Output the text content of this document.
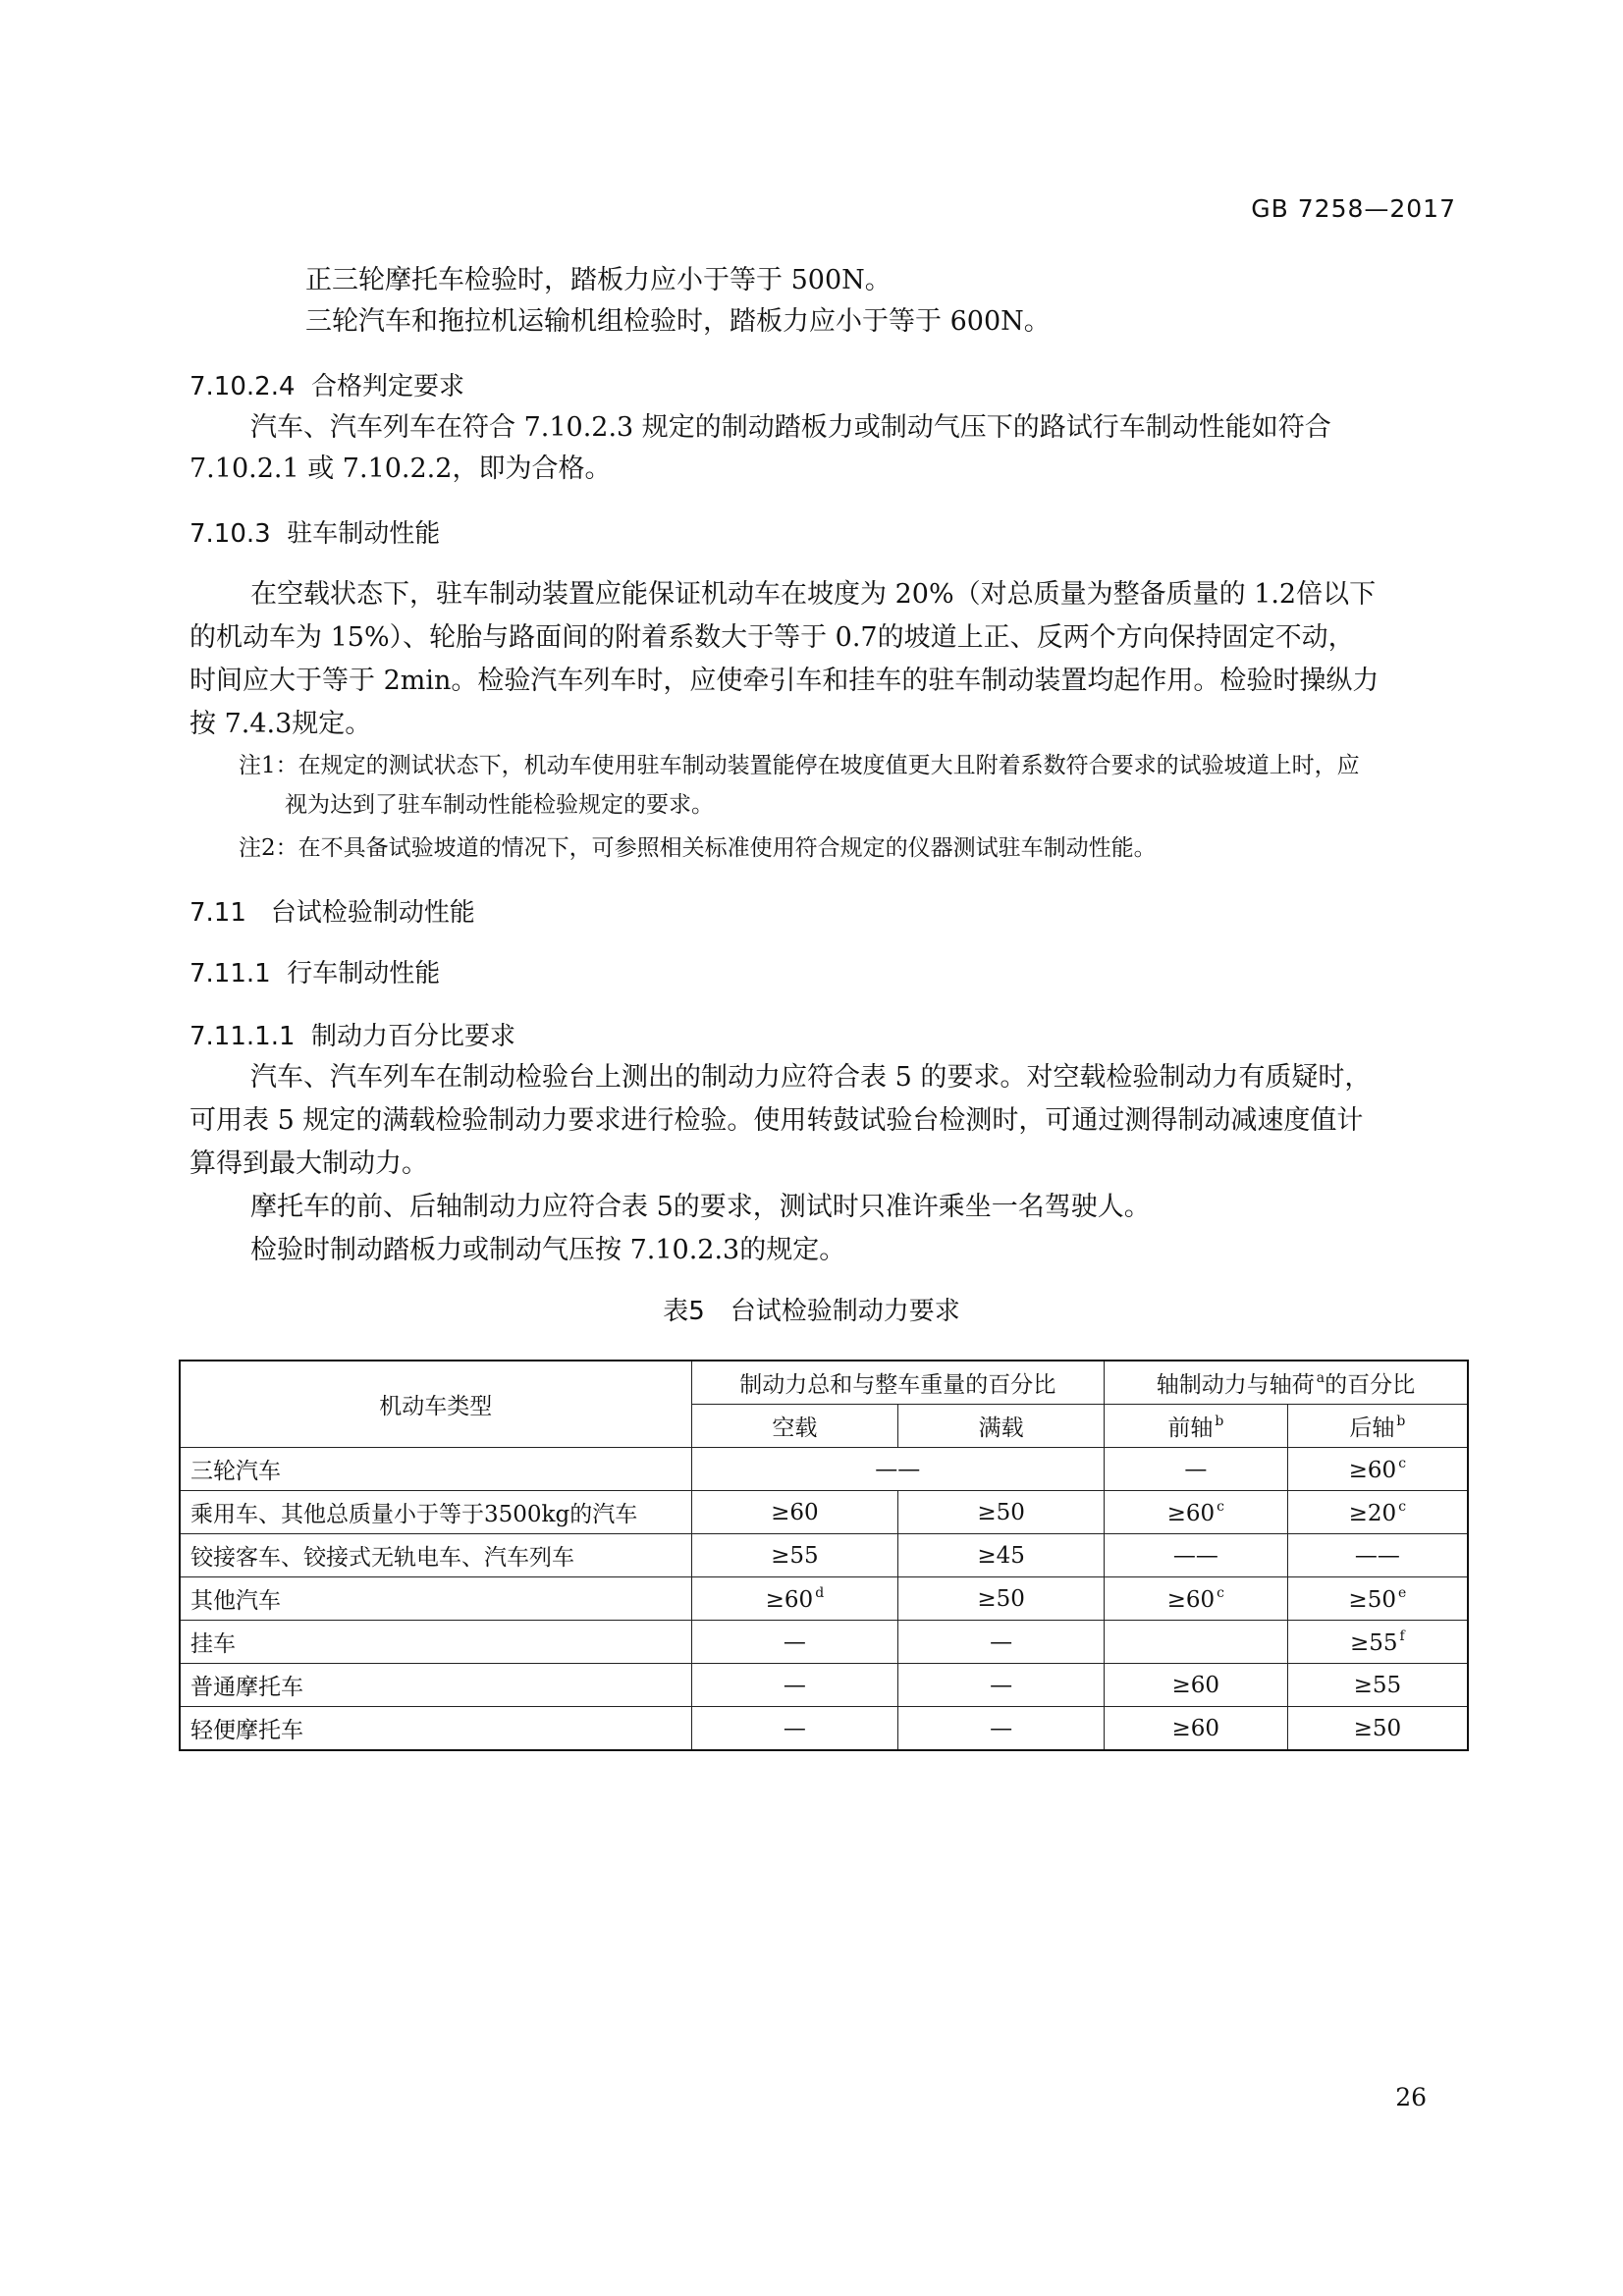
GB 7258—2017
正三轮摩托车检验时，踏板力应小于等于 500N。
三轮汽车和拖拉机运输机组检验时，踏板力应小于等于 600N。
7.10.2.4 合格判定要求
汽车、汽车列车在符合 7.10.2.3 规定的制动踏板力或制动气压下的路试行车制动性能如符合
7.10.2.1 或 7.10.2.2，即为合格。
7.10.3 驻车制动性能
在空载状态下，驻车制动装置应能保证机动车在坡度为 20%（对总质量为整备质量的 1.2倍以下
的机动车为 15%）、轮胎与路面间的附着系数大于等于 0.7的坡道上正、反两个方向保持固定不动，
时间应大于等于 2min。检验汽车列车时，应使牵引车和挂车的驻车制动装置均起作用。检验时操纵力
按 7.4.3规定。
注1：在规定的测试状态下，机动车使用驻车制动装置能停在坡度值更大且附着系数符合要求的试验坡道上时，应
视为达到了驻车制动性能检验规定的要求。
注2：在不具备试验坡道的情况下，可参照相关标准使用符合规定的仪器测试驻车制动性能。
7.11 台试检验制动性能
7.11.1 行车制动性能
7.11.1.1 制动力百分比要求
汽车、汽车列车在制动检验台上测出的制动力应符合表 5 的要求。对空载检验制动力有质疑时，
可用表 5 规定的满载检验制动力要求进行检验。使用转鼓试验台检测时，可通过测得制动减速度值计
算得到最大制动力。
摩托车的前、后轴制动力应符合表 5的要求，测试时只准许乘坐一名驾驶人。
检验时制动踏板力或制动气压按 7.10.2.3的规定。
表5　台试检验制动力要求
机动车类型	制动力总和与整车重量的百分比		轴制动力与轴荷 $^a$的百分比	
	空载	满载	前轴 $^b$	后轴 $^b$
三轮汽车	——		—	≥60 $^c$
乘用车、其他总质量小于等于3500kg的汽车	≥60	≥50	≥60 $^c$	≥20 $^c$
铰接客车、铰接式无轨电车、汽车列车	≥55	≥45	——	——
其他汽车	≥60 $^d$	≥50	≥60 $^c$	≥50 $^e$
挂车	—	—		≥55 $^f$
普通摩托车	—	—	≥60	≥55
轻便摩托车	—	—	≥60	≥50
26
